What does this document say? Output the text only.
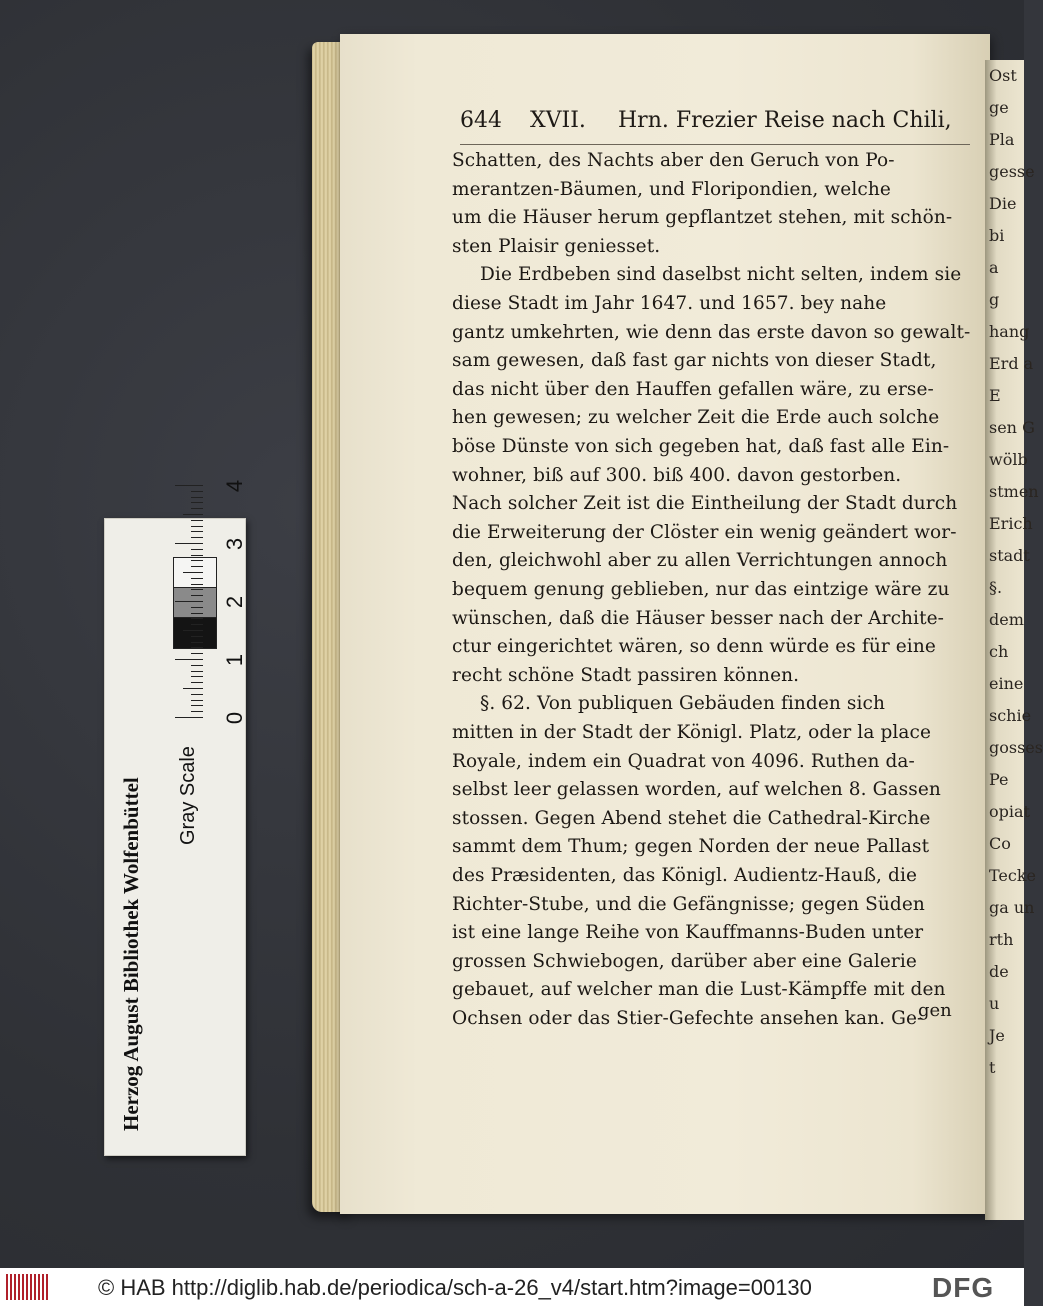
Ost
ge
Pla
gesse
Die
bi
a
g
hang
Erd a
E
sen G
wölb
stmen
Erich
stadt
§.
dem
ch
eine
schie
gosses
Pe
opiat
Co
Tecke
ga un
rth
de
u
Je
t
644 XVII. Hrn. Frezier Reise nach Chili,
Schatten, des Nachts aber den Geruch von Po-
merantzen-Bäumen, und Floripondien, welche
um die Häuser herum gepflantzet stehen, mit schön-
sten Plaisir geniesset.
Die Erdbeben sind daselbst nicht selten, indem sie
diese Stadt im Jahr 1647. und 1657. bey nahe
gantz umkehrten, wie denn das erste davon so gewalt-
sam gewesen, daß fast gar nichts von dieser Stadt,
das nicht über den Hauffen gefallen wäre, zu erse-
hen gewesen; zu welcher Zeit die Erde auch solche
böse Dünste von sich gegeben hat, daß fast alle Ein-
wohner, biß auf 300. biß 400. davon gestorben.
Nach solcher Zeit ist die Eintheilung der Stadt durch
die Erweiterung der Clöster ein wenig geändert wor-
den, gleichwohl aber zu allen Verrichtungen annoch
bequem genung geblieben, nur das eintzige wäre zu
wünschen, daß die Häuser besser nach der Archite-
ctur eingerichtet wären, so denn würde es für eine
recht schöne Stadt passiren können.
§. 62. Von publiquen Gebäuden finden sich
mitten in der Stadt der Königl. Platz, oder la place
Royale, indem ein Quadrat von 4096. Ruthen da-
selbst leer gelassen worden, auf welchen 8. Gassen
stossen. Gegen Abend stehet die Cathedral-Kirche
sammt dem Thum; gegen Norden der neue Pallast
des Præsidenten, das Königl. Audientz-Hauß, die
Richter-Stube, und die Gefängnisse; gegen Süden
ist eine lange Reihe von Kauffmanns-Buden unter
grossen Schwiebogen, darüber aber eine Galerie
gebauet, auf welcher man die Lust-Kämpffe mit den
Ochsen oder das Stier-Gefechte ansehen kan. Ge-
gen
Herzog August Bibliothek Wolfenbüttel Gray Scale
0
1
2
3
4
© HAB http://diglib.hab.de/periodica/sch-a-26_v4/start.htm?image=00130	DFG
